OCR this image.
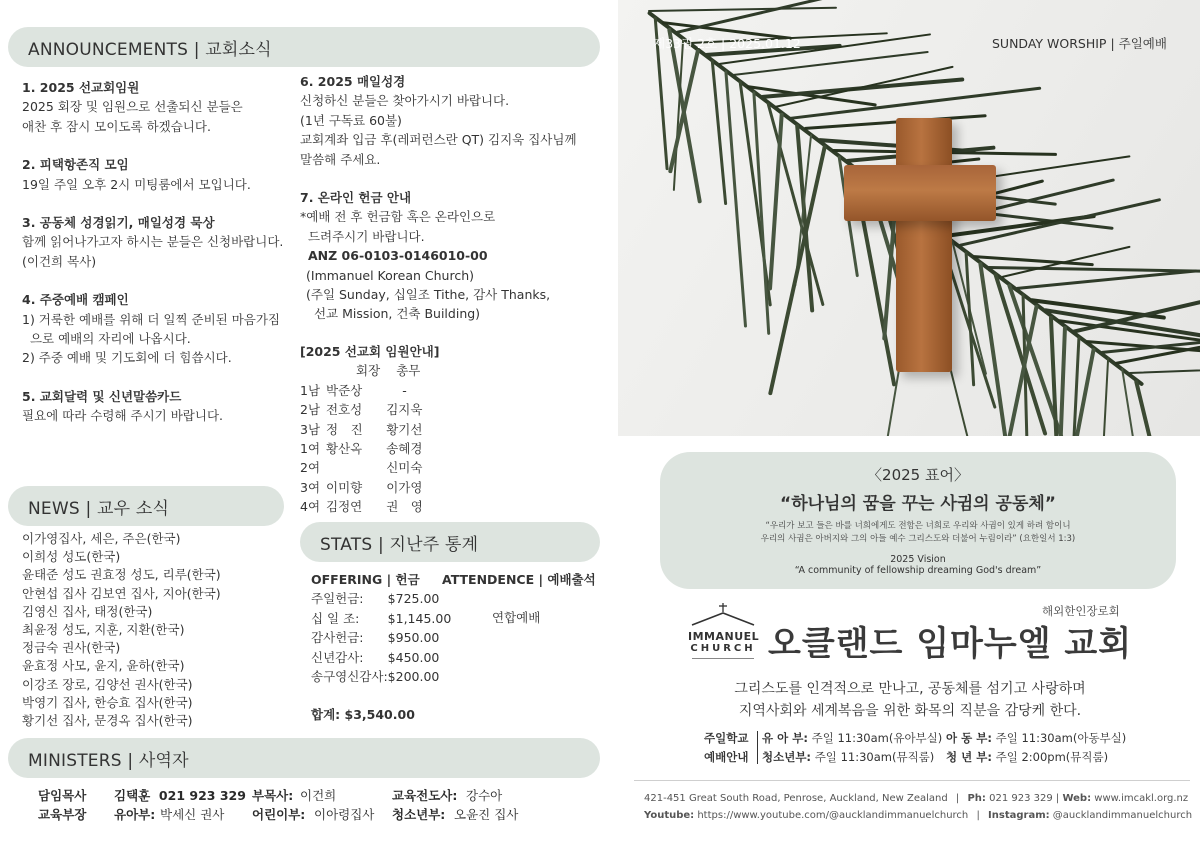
ANNOUNCEMENTS | 교회소식
1. 2025 선교회임원
2025 회장 및 임원으로 선출되신 분들은
애찬 후 잠시 모이도록 하겠습니다.
2. 피택항존직 모임
19일 주일 오후 2시 미팅룸에서 모입니다.
3. 공동체 성경읽기, 매일성경 묵상
함께 읽어나가고자 하시는 분들은 신청바랍니다.
(이건희 목사)
4. 주중예배 캠페인
1) 거룩한 예배를 위해 더 일찍 준비된 마음가짐
으로 예배의 자리에 나옵시다.
2) 주중 예배 및 기도회에 더 힘씁시다.
5. 교회달력 및 신년말씀카드
필요에 따라 수령해 주시기 바랍니다.
6. 2025 매일성경
신청하신 분들은 찾아가시기 바랍니다.
(1년 구독료 60불)
교회계좌 입금 후(레퍼런스란 QT) 김지욱 집사님께
말씀해 주세요.
7. 온라인 헌금 안내
*예배 전 후 헌금함 혹은 온라인으로
드려주시기 바랍니다.
ANZ 06-0103-0146010-00
(Immanuel Korean Church)
(주일 Sunday, 십일조 Tithe, 감사 Thanks,
선교 Mission, 건축 Building)
[2025 선교회 임원안내]
	회장	총무
1남	박준상	-
2남	전호성	김지욱
3남	정　진	황기선
1여	황산옥	송혜경
2여		신미숙
3여	이미향	이가영
4여	김정연	권　영
NEWS | 교우 소식
이가영집사, 세은, 주은(한국)
이희성 성도(한국)
윤태준 성도 권효정 성도, 리루(한국)
안현섭 집사 김보연 집사, 지아(한국)
김영신 집사, 태정(한국)
최윤정 성도, 지훈, 지환(한국)
정금숙 권사(한국)
윤효정 사모, 윤지, 윤하(한국)
이강조 장로, 김양선 권사(한국)
박영기 집사, 한승효 집사(한국)
황기선 집사, 문경옥 집사(한국)
STATS | 지난주 통계
OFFERING | 헌금
주일헌금:	$725.00
십 일 조:	$1,145.00
감사헌금:	$950.00
신년감사:	$450.00
송구영신감사:	$200.00
합계: $3,540.00
ATTENDENCE | 예배출석
연합예배
MINISTERS | 사역자
담임목사 김택훈  021 923 329 부목사: 이건희	교육전도사: 강수아
교육부장 유아부: 박세신 권사 어린이부: 이아령집사 청소년부: 오윤진 집사
제33권 2호 | 2025.01.12	SUNDAY WORSHIP | 주일예배
〈2025 표어〉
“하나님의 꿈을 꾸는 사귐의 공동체”
“우리가 보고 들은 바를 너희에게도 전함은 너희로 우리와 사귐이 있게 하려 함이니
우리의 사귐은 아버지와 그의 아들 예수 그리스도와 더불어 누림이라” (요한일서 1:3)
2025 Vision
“A community of fellowship dreaming God's dream”
IMMANUEL
CHURCH
해외한인장로회
오클랜드 임마누엘 교회
그리스도를 인격적으로 만나고, 공동체를 섬기고 사랑하며
지역사회와 세계복음을 위한 화목의 직분을 감당케 한다.
주일학교
예배안내
유 아 부: 주일 11:30am(유아부실) 아 동 부: 주일 11:30am(아동부실)
청소년부: 주일 11:30am(뮤직룸) 청 년 부: 주일 2:00pm(뮤직룸)
421-451 Great South Road, Penrose, Auckland, New Zealand | Ph: 021 923 329 | Web: www.imcakl.org.nz
Youtube: https://www.youtube.com/@aucklandimmanuelchurch | Instagram: @aucklandimmanuelchurch
